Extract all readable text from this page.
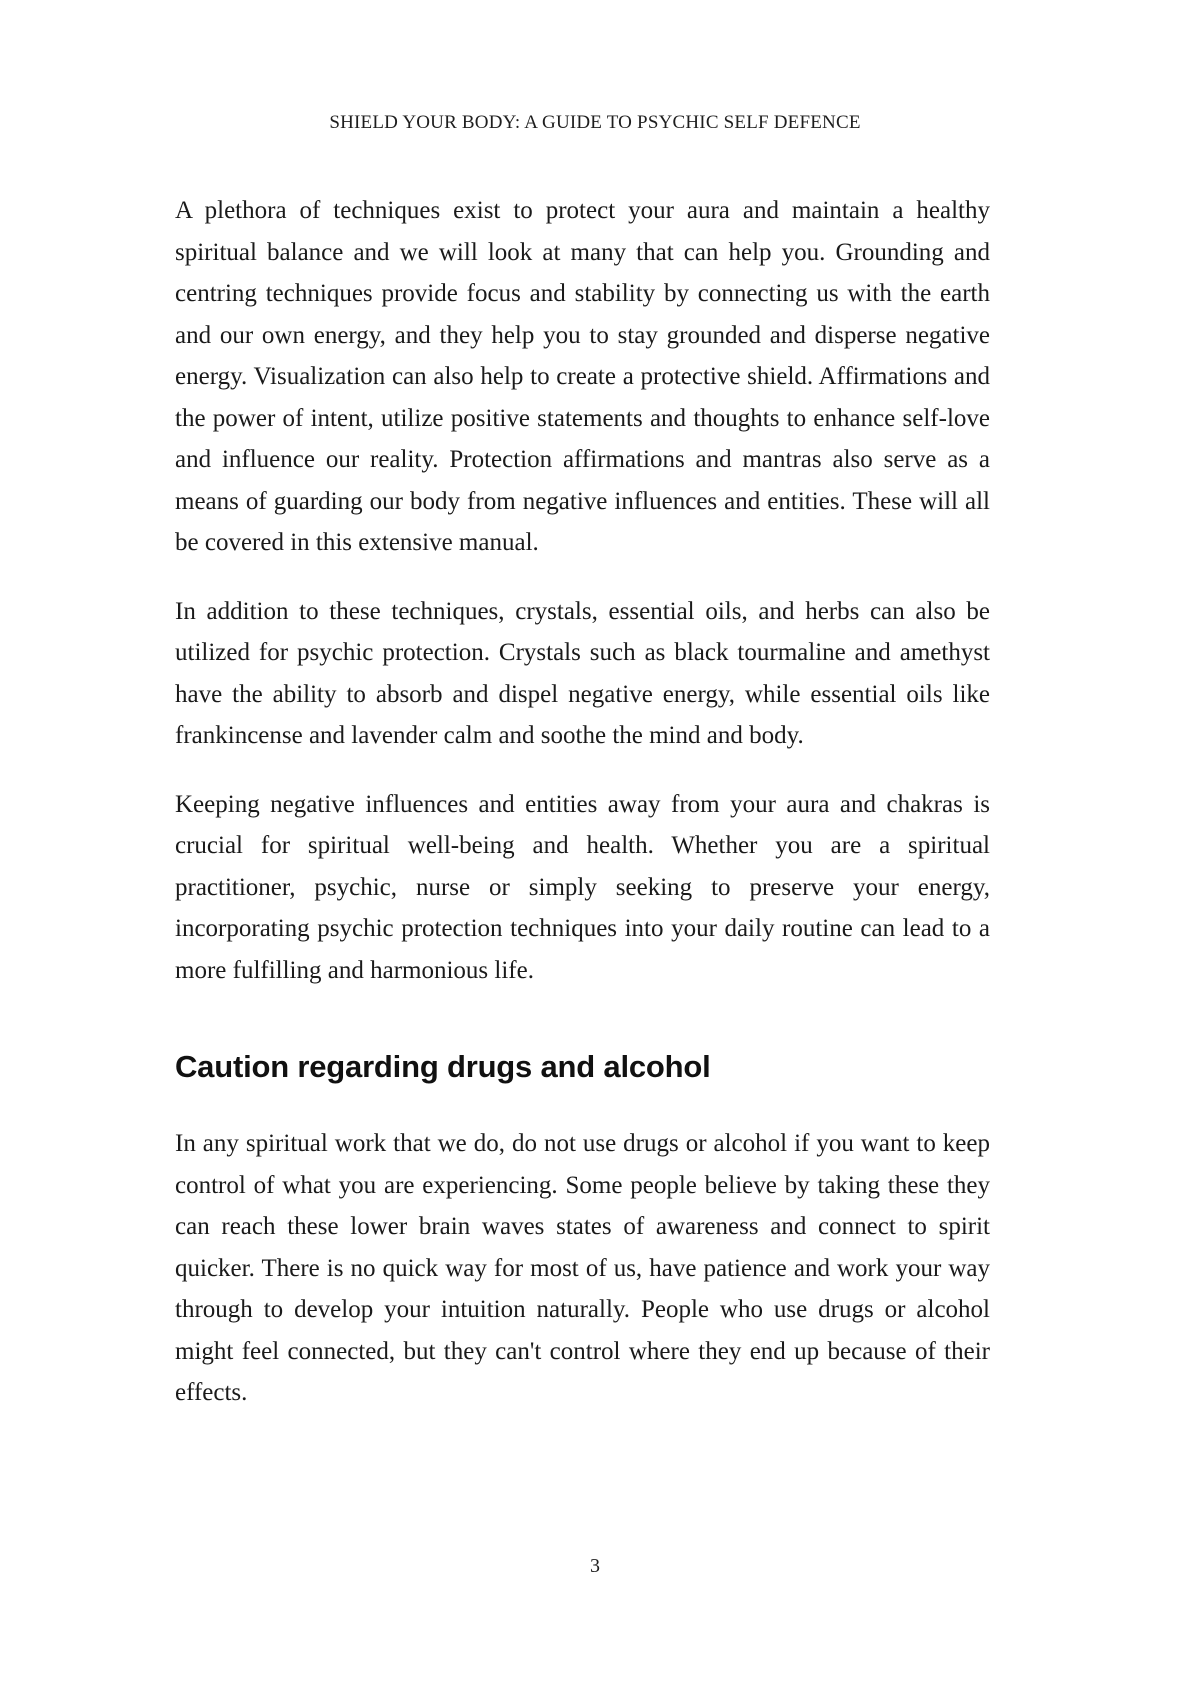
SHIELD YOUR BODY: A GUIDE TO PSYCHIC SELF DEFENCE

A plethora of techniques exist to protect your aura and maintain a healthy spiritual balance and we will look at many that can help you. Grounding and centring techniques provide focus and stability by connecting us with the earth and our own energy, and they help you to stay grounded and disperse negative energy. Visualization can also help to create a protective shield. Affirmations and the power of intent, utilize positive statements and thoughts to enhance self-love and influence our reality. Protection affirmations and mantras also serve as a means of guarding our body from negative influences and entities. These will all be covered in this extensive manual.

In addition to these techniques, crystals, essential oils, and herbs can also be utilized for psychic protection. Crystals such as black tourmaline and amethyst have the ability to absorb and dispel negative energy, while essential oils like frankincense and lavender calm and soothe the mind and body.

Keeping negative influences and entities away from your aura and chakras is crucial for spiritual well-being and health. Whether you are a spiritual practitioner, psychic, nurse or simply seeking to preserve your energy, incorporating psychic protection techniques into your daily routine can lead to a more fulfilling and harmonious life.

Caution regarding drugs and alcohol

In any spiritual work that we do, do not use drugs or alcohol if you want to keep control of what you are experiencing. Some people believe by taking these they can reach these lower brain waves states of awareness and connect to spirit quicker. There is no quick way for most of us, have patience and work your way through to develop your intuition naturally. People who use drugs or alcohol might feel connected, but they can't control where they end up because of their effects.

3
